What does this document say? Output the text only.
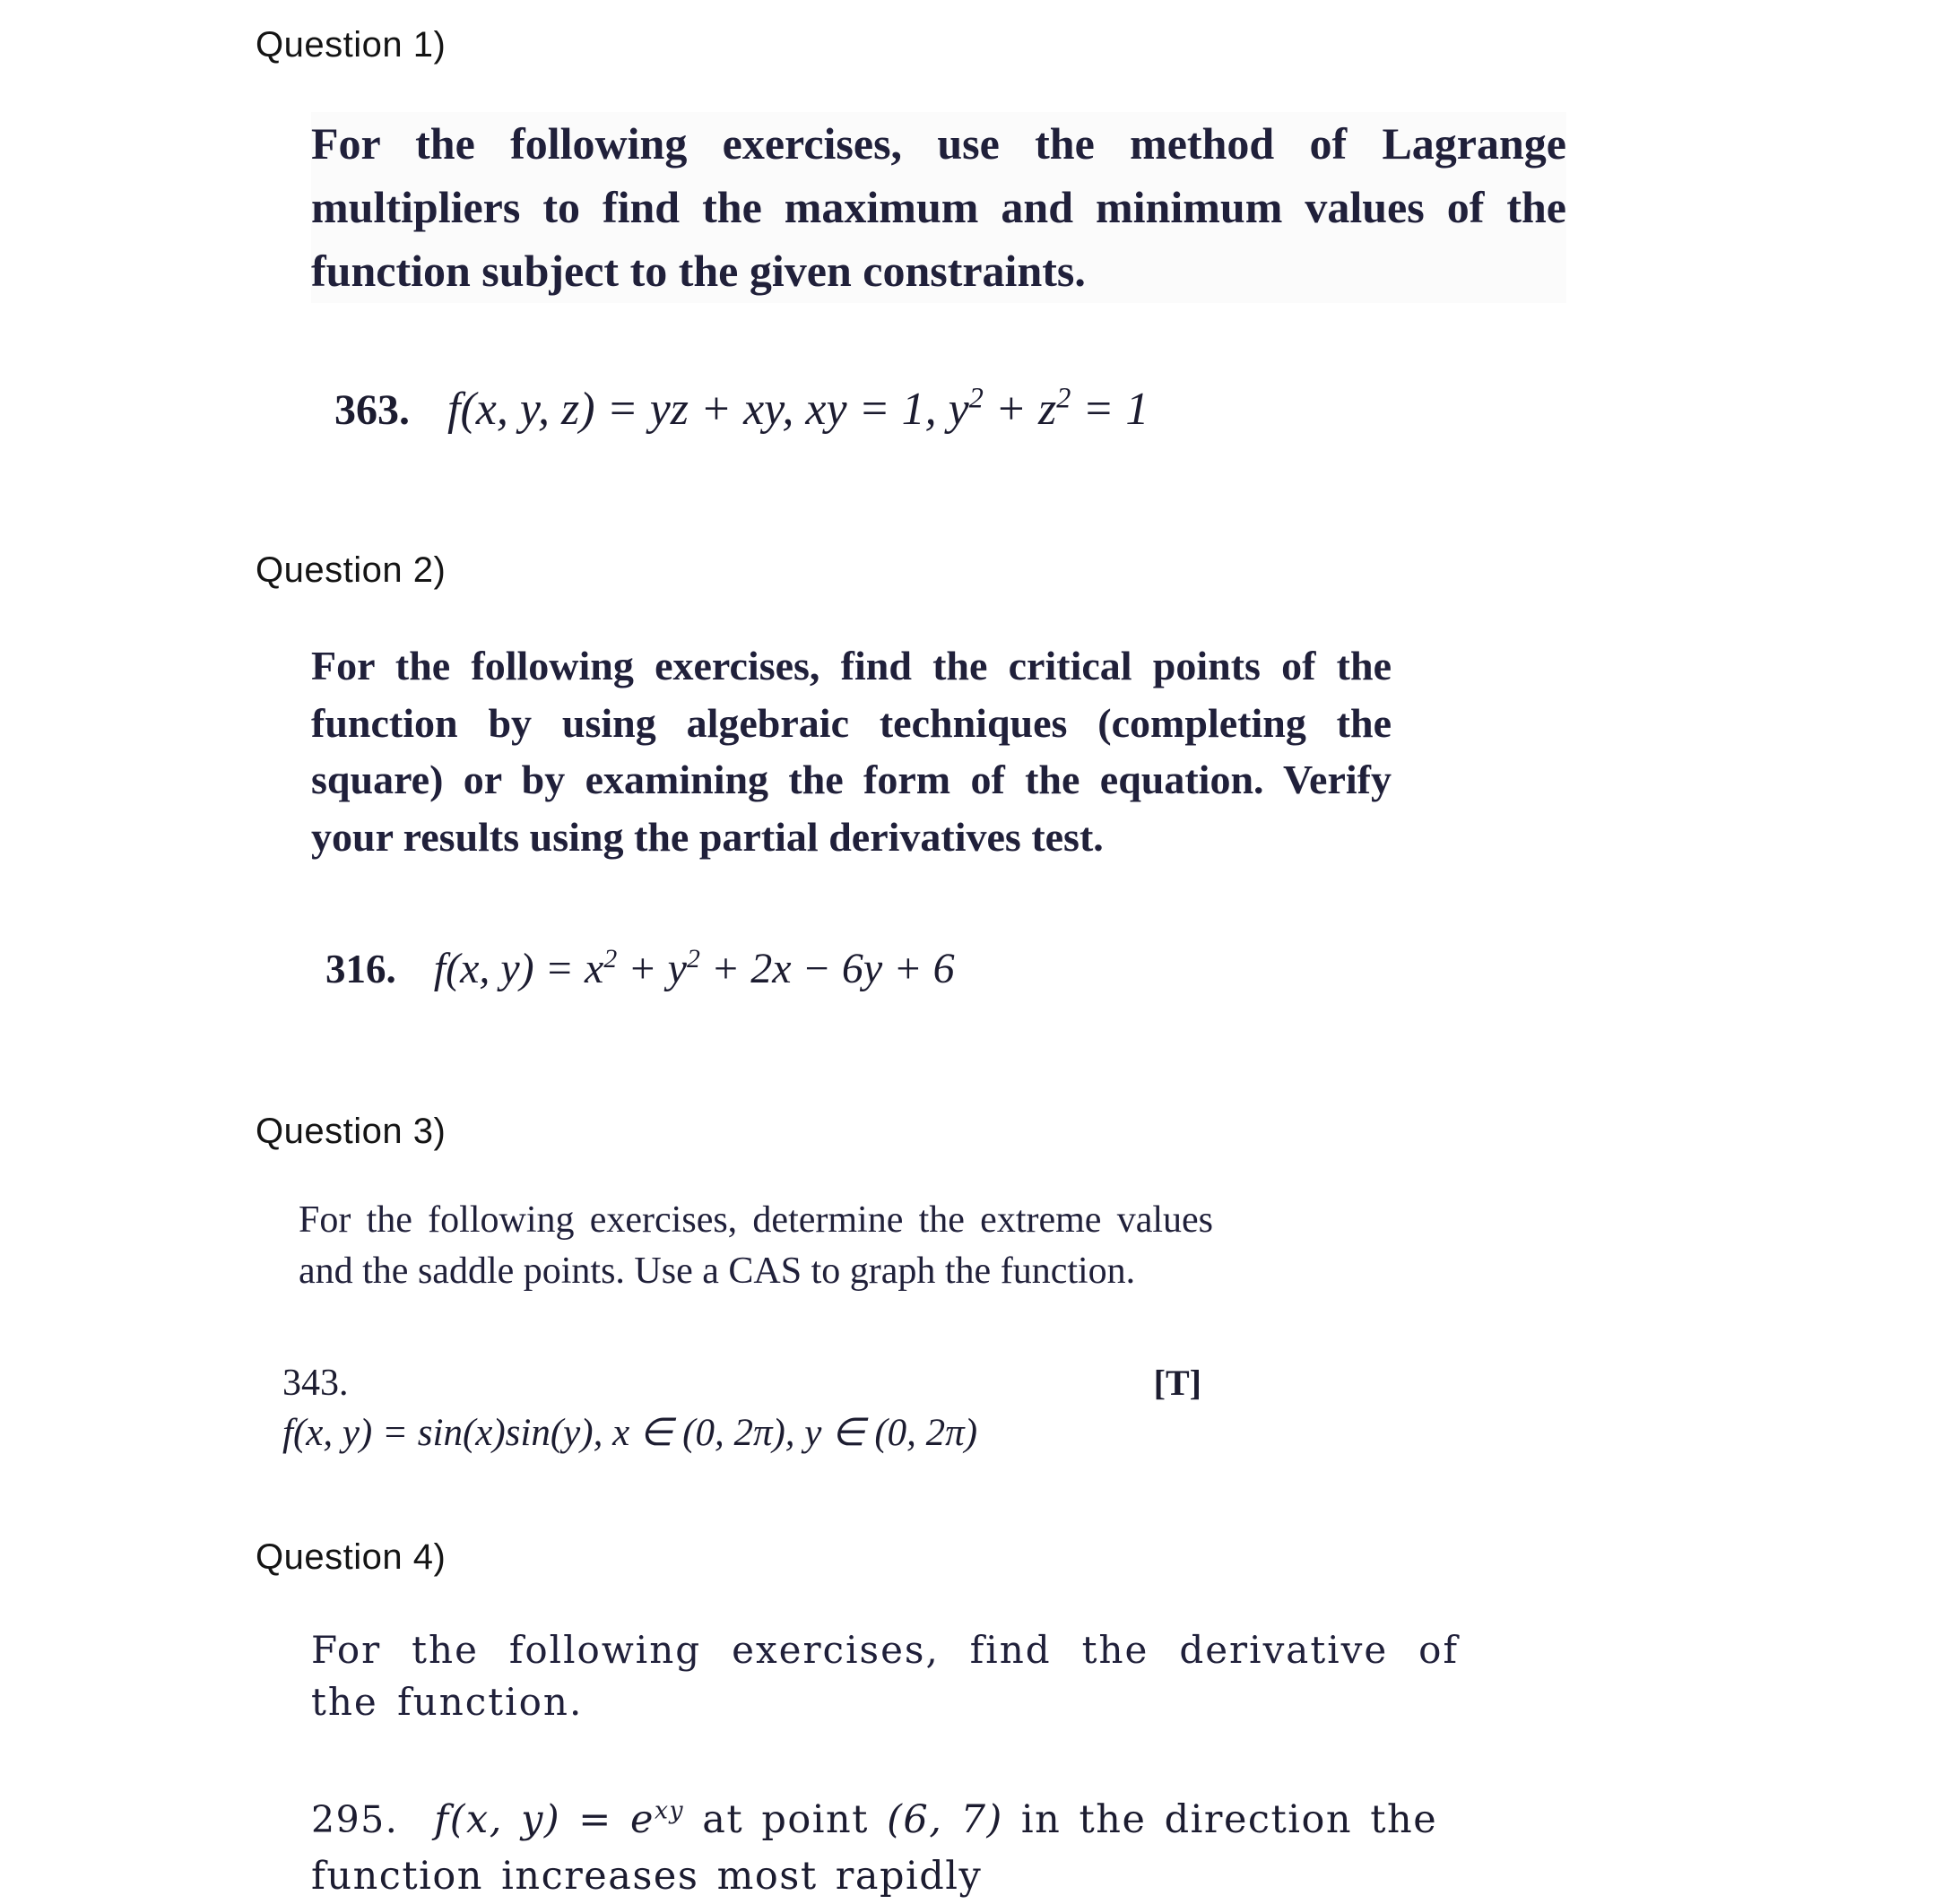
Question 1)
For the following exercises, use the method of Lagrange multipliers to find the maximum and minimum values of the function subject to the given constraints.
363. f(x, y, z) = yz + xy, xy = 1, $y^2 + z^2 = 1$
Question 2)
For the following exercises, find the critical points of the function by using algebraic techniques (completing the square) or by examining the form of the equation. Verify your results using the partial derivatives test.
316. f(x, $y) = x^2 + y^2 + 2x - 6y + 6$
Question 3)
For the following exercises, determine the extreme values and the saddle points. Use a CAS to graph the function.
343.	[T]
f(x, y) = sin(x)sin(y), x ∈ (0, 2π), y ∈ (0, 2π)
Question 4)
For the following exercises, find the derivative of the function.
295. f(x, $y) = e^{xy}$ at point (6, 7) in the direction the function increases most rapidly
